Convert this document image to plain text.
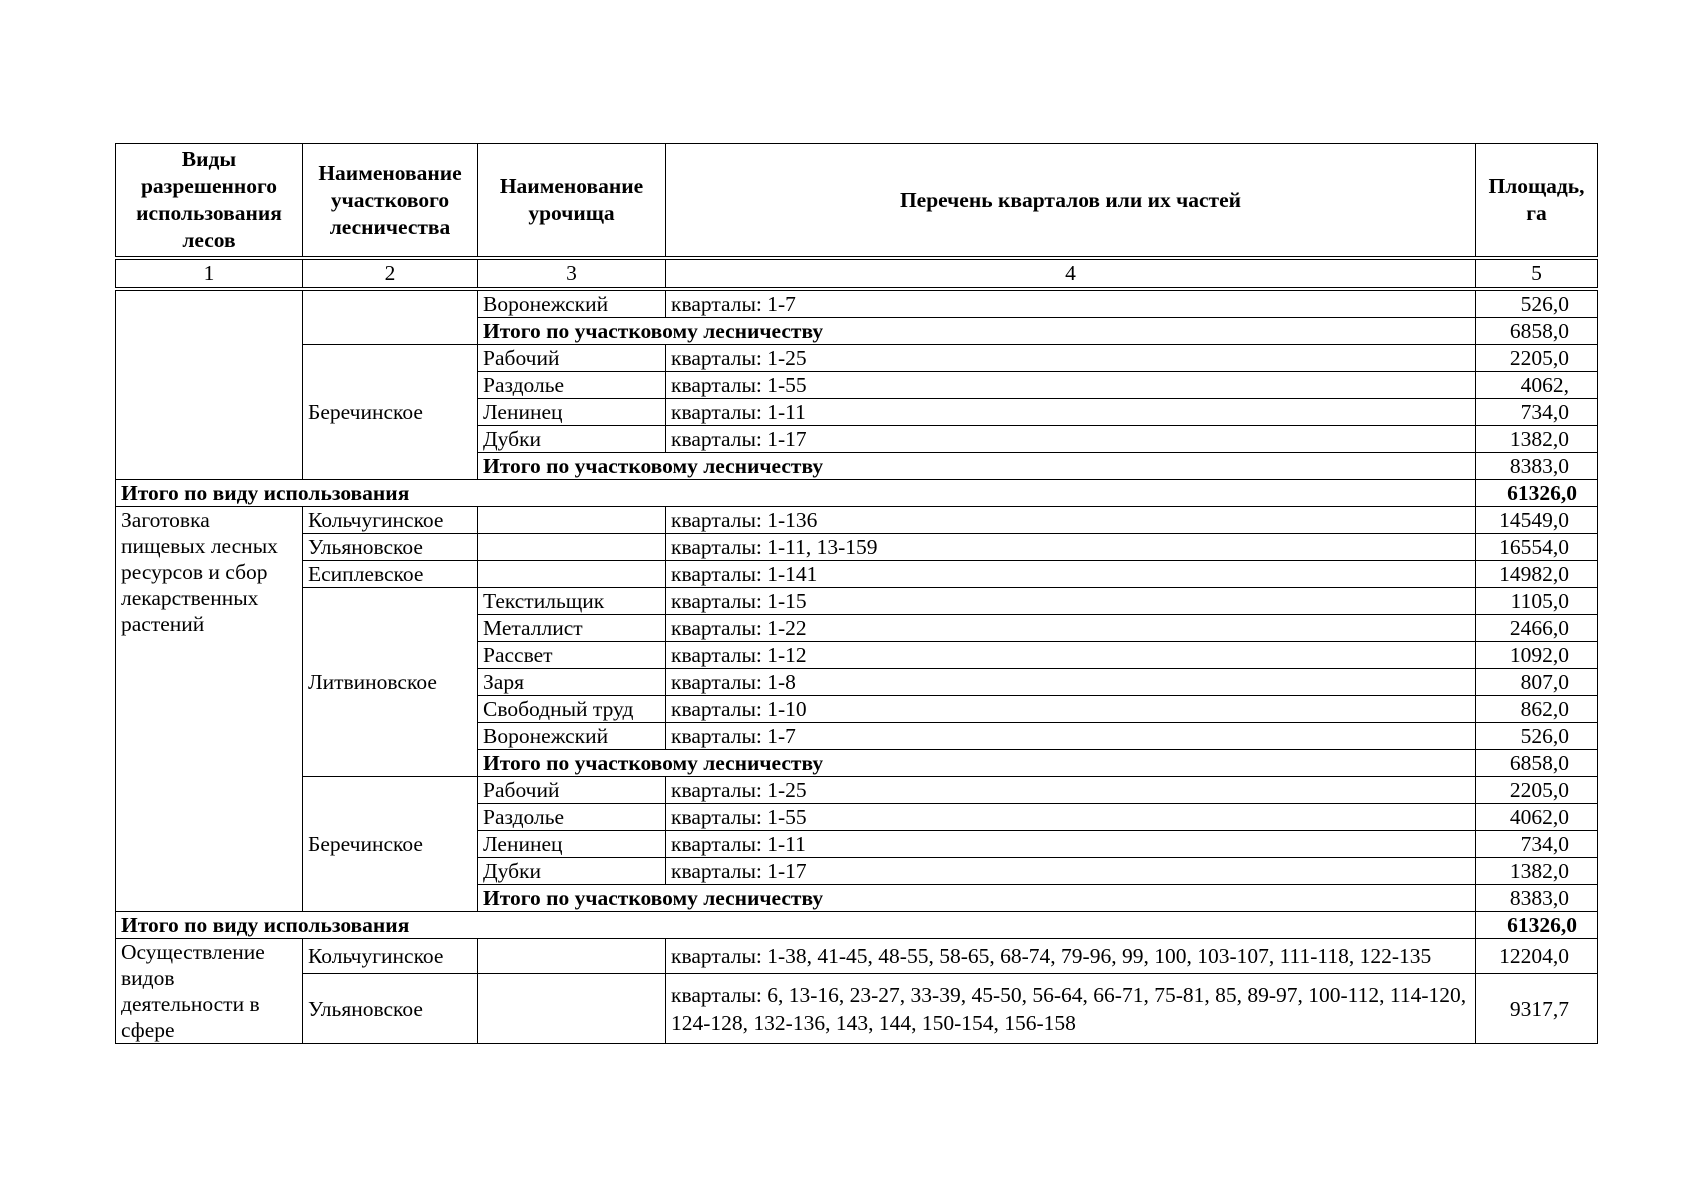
Виды разрешенного использования лесов	Наименование участкового лесничества	Наименование урочища	Перечень кварталов или их частей	Площадь, га
1	2	3	4	5
		Воронежский	кварталы: 1-7	526,0
		Итого по участковому лесничеству		6858,0
	Беречинское	Рабочий	кварталы: 1-25	2205,0
		Раздолье	кварталы: 1-55	4062,
		Ленинец	кварталы: 1-11	734,0
		Дубки	кварталы: 1-17	1382,0
		Итого по участковому лесничеству		8383,0
Итого по виду использования				61326,0
Заготовка пищевых лесных ресурсов и сбор лекарственных растений	Кольчугинское		кварталы: 1-136	14549,0
	Ульяновское		кварталы: 1-11, 13-159	16554,0
	Есиплевское		кварталы: 1-141	14982,0
	Литвиновское	Текстильщик	кварталы: 1-15	1105,0
		Металлист	кварталы: 1-22	2466,0
		Рассвет	кварталы: 1-12	1092,0
		Заря	кварталы: 1-8	807,0
		Свободный труд	кварталы: 1-10	862,0
		Воронежский	кварталы: 1-7	526,0
		Итого по участковому лесничеству		6858,0
	Беречинское	Рабочий	кварталы: 1-25	2205,0
		Раздолье	кварталы: 1-55	4062,0
		Ленинец	кварталы: 1-11	734,0
		Дубки	кварталы: 1-17	1382,0
		Итого по участковому лесничеству		8383,0
Итого по виду использования				61326,0
Осуществление видов деятельности в сфере	Кольчугинское		кварталы: 1-38, 41-45, 48-55, 58-65, 68-74, 79-96, 99, 100, 103-107, 111-118, 122-135	12204,0
	Ульяновское		кварталы: 6, 13-16, 23-27, 33-39, 45-50, 56-64, 66-71, 75-81, 85, 89-97, 100-112, 114-120, 124-128, 132-136, 143, 144, 150-154, 156-158	9317,7
